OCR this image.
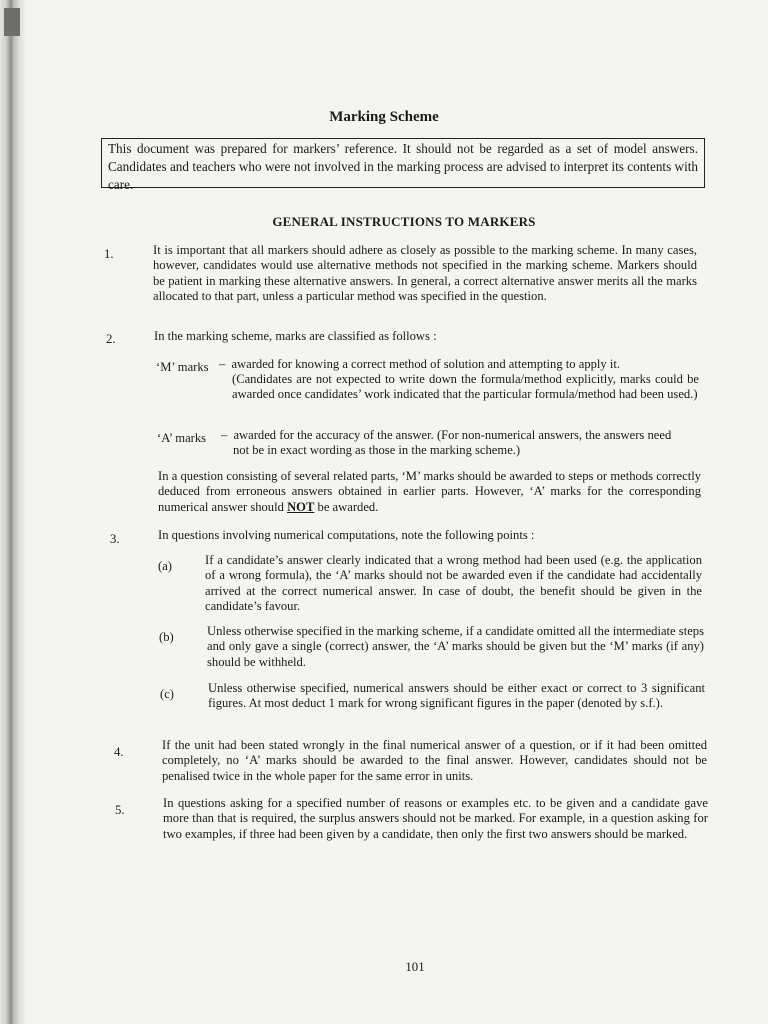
Marking Scheme
This document was prepared for markers’ reference. It should not be regarded as a set of model answers. Candidates and teachers who were not involved in the marking process are advised to interpret its contents with care.
GENERAL INSTRUCTIONS TO MARKERS
1.	It is important that all markers should adhere as closely as possible to the marking scheme. In many cases, however, candidates would use alternative methods not specified in the marking scheme. Markers should be patient in marking these alternative answers. In general, a correct alternative answer merits all the marks allocated to that part, unless a particular method was specified in the question.
2.	In the marking scheme, marks are classified as follows :
‘M’ marks – awarded for knowing a correct method of solution and attempting to apply it.
(Candidates are not expected to write down the formula/method explicitly, marks could be awarded once candidates’ work indicated that the particular formula/method had been used.)
‘A’ marks – awarded for the accuracy of the answer. (For non-numerical answers, the answers need
not be in exact wording as those in the marking scheme.)
In a question consisting of several related parts, ‘M’ marks should be awarded to steps or methods correctly deduced from erroneous answers obtained in earlier parts. However, ‘A’ marks for the corresponding numerical answer should NOT be awarded.
3.	In questions involving numerical computations, note the following points :
(a)	If a candidate’s answer clearly indicated that a wrong method had been used (e.g. the application of a wrong formula), the ‘A’ marks should not be awarded even if the candidate had accidentally arrived at the correct numerical answer. In case of doubt, the benefit should be given in the candidate’s favour.
(b)	Unless otherwise specified in the marking scheme, if a candidate omitted all the intermediate steps and only gave a single (correct) answer, the ‘A’ marks should be given but the ‘M’ marks (if any) should be withheld.
(c)	Unless otherwise specified, numerical answers should be either exact or correct to 3 significant figures. At most deduct 1 mark for wrong significant figures in the paper (denoted by s.f.).
4.	If the unit had been stated wrongly in the final numerical answer of a question, or if it had been omitted completely, no ‘A’ marks should be awarded to the final answer. However, candidates should not be penalised twice in the whole paper for the same error in units.
5.	In questions asking for a specified number of reasons or examples etc. to be given and a candidate gave more than that is required, the surplus answers should not be marked. For example, in a question asking for two examples, if three had been given by a candidate, then only the first two answers should be marked.
101
